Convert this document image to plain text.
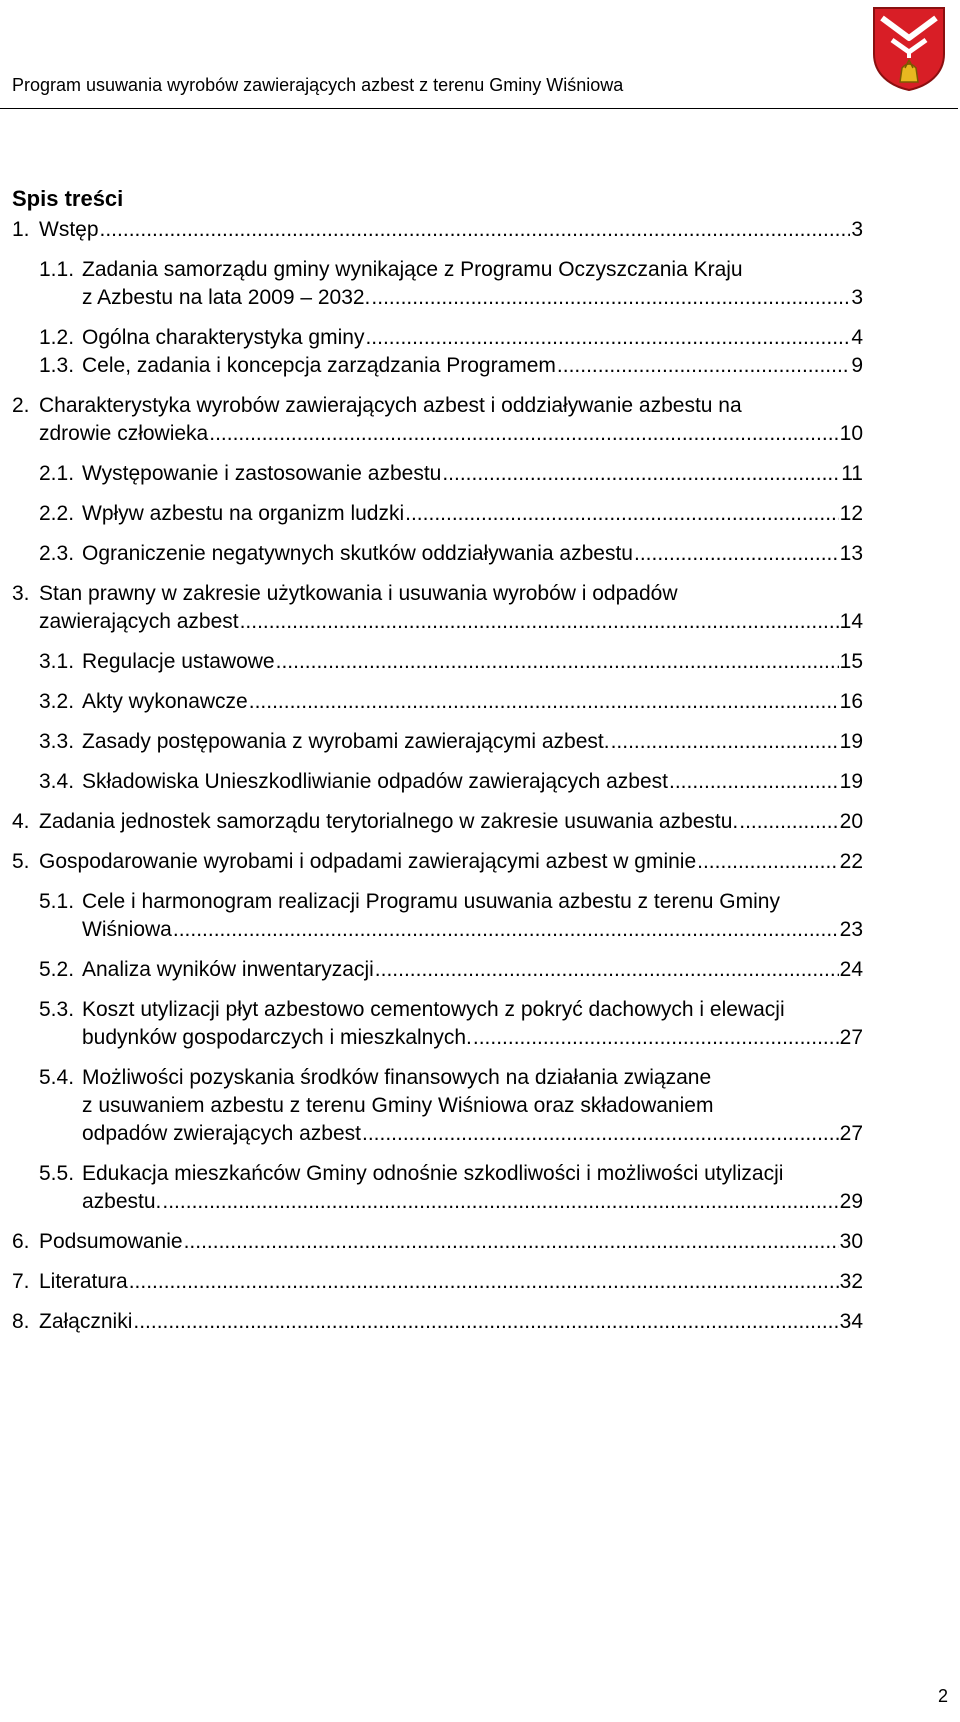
Program usuwania wyrobów zawierających azbest z terenu Gminy Wiśniowa
Spis treści
1. Wstęp .....	3
1.1. Zadania samorządu gminy wynikające z Programu Oczyszczania Kraju
z Azbestu na lata 2009 – 2032. .....	3
1.2. Ogólna charakterystyka gminy .....	4
1.3. Cele, zadania i koncepcja zarządzania Programem .....	9
2. Charakterystyka wyrobów zawierających azbest i oddziaływanie azbestu na
zdrowie człowieka .....	10
2.1. Występowanie i zastosowanie azbestu .....	11
2.2. Wpływ azbestu na organizm ludzki .....	12
2.3. Ograniczenie negatywnych skutków oddziaływania azbestu .....	13
3. Stan prawny w zakresie użytkowania i usuwania wyrobów i odpadów
zawierających azbest .....	14
3.1. Regulacje ustawowe .....	15
3.2. Akty wykonawcze .....	16
3.3. Zasady postępowania z wyrobami zawierającymi azbest. .....	19
3.4. Składowiska Unieszkodliwianie odpadów zawierających azbest .....	19
4. Zadania jednostek samorządu terytorialnego w zakresie usuwania azbestu. .....	20
5. Gospodarowanie wyrobami i odpadami zawierającymi azbest w gminie .....	22
5.1. Cele i harmonogram realizacji Programu usuwania azbestu z terenu Gminy
Wiśniowa .....	23
5.2. Analiza wyników inwentaryzacji .....	24
5.3. Koszt utylizacji płyt azbestowo cementowych z pokryć dachowych i elewacji
budynków gospodarczych i mieszkalnych. .....	27
5.4. Możliwości pozyskania środków finansowych na działania związane
z usuwaniem azbestu z terenu Gminy Wiśniowa oraz składowaniem
odpadów zwierających azbest .....	27
5.5. Edukacja mieszkańców Gminy odnośnie szkodliwości i możliwości utylizacji
azbestu. .....	29
6. Podsumowanie .....	30
7. Literatura .....	32
8. Załączniki .....	34
2
